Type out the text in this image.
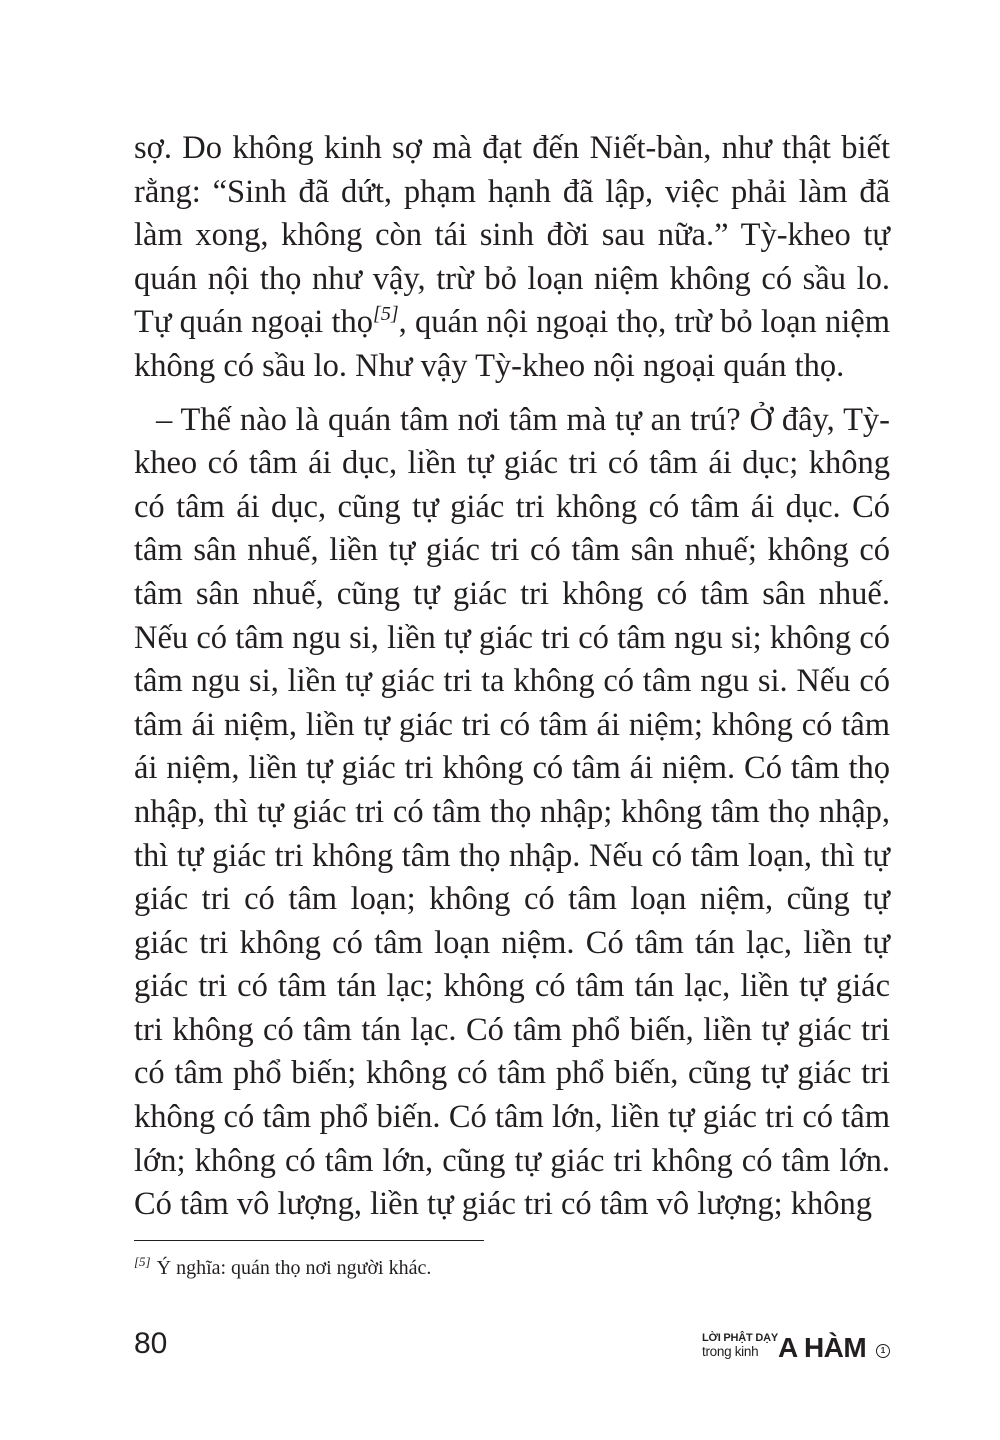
sợ. Do không kinh sợ mà đạt đến Niết-bàn, như thật biết rằng: “Sinh đã dứt, phạm hạnh đã lập, việc phải làm đã làm xong, không còn tái sinh đời sau nữa.” Tỳ-kheo tự quán nội thọ như vậy, trừ bỏ loạn niệm không có sầu lo. Tự quán ngoại thọ[5], quán nội ngoại thọ, trừ bỏ loạn niệm không có sầu lo. Như vậy Tỳ-kheo nội ngoại quán thọ.

– Thế nào là quán tâm nơi tâm mà tự an trú? Ở đây, Tỳ-kheo có tâm ái dục, liền tự giác tri có tâm ái dục; không có tâm ái dục, cũng tự giác tri không có tâm ái dục. Có tâm sân nhuế, liền tự giác tri có tâm sân nhuế; không có tâm sân nhuế, cũng tự giác tri không có tâm sân nhuế. Nếu có tâm ngu si, liền tự giác tri có tâm ngu si; không có tâm ngu si, liền tự giác tri ta không có tâm ngu si. Nếu có tâm ái niệm, liền tự giác tri có tâm ái niệm; không có tâm ái niệm, liền tự giác tri không có tâm ái niệm. Có tâm thọ nhập, thì tự giác tri có tâm thọ nhập; không tâm thọ nhập, thì tự giác tri không tâm thọ nhập. Nếu có tâm loạn, thì tự giác tri có tâm loạn; không có tâm loạn niệm, cũng tự giác tri không có tâm loạn niệm. Có tâm tán lạc, liền tự giác tri có tâm tán lạc; không có tâm tán lạc, liền tự giác tri không có tâm tán lạc. Có tâm phổ biến, liền tự giác tri có tâm phổ biến; không có tâm phổ biến, cũng tự giác tri không có tâm phổ biến. Có tâm lớn, liền tự giác tri có tâm lớn; không có tâm lớn, cũng tự giác tri không có tâm lớn. Có tâm vô lượng, liền tự giác tri có tâm vô lượng; không

[5] Ý nghĩa: quán thọ nơi người khác.
80	LỜI PHẬT DẠY
trong kinh A HÀM	1
